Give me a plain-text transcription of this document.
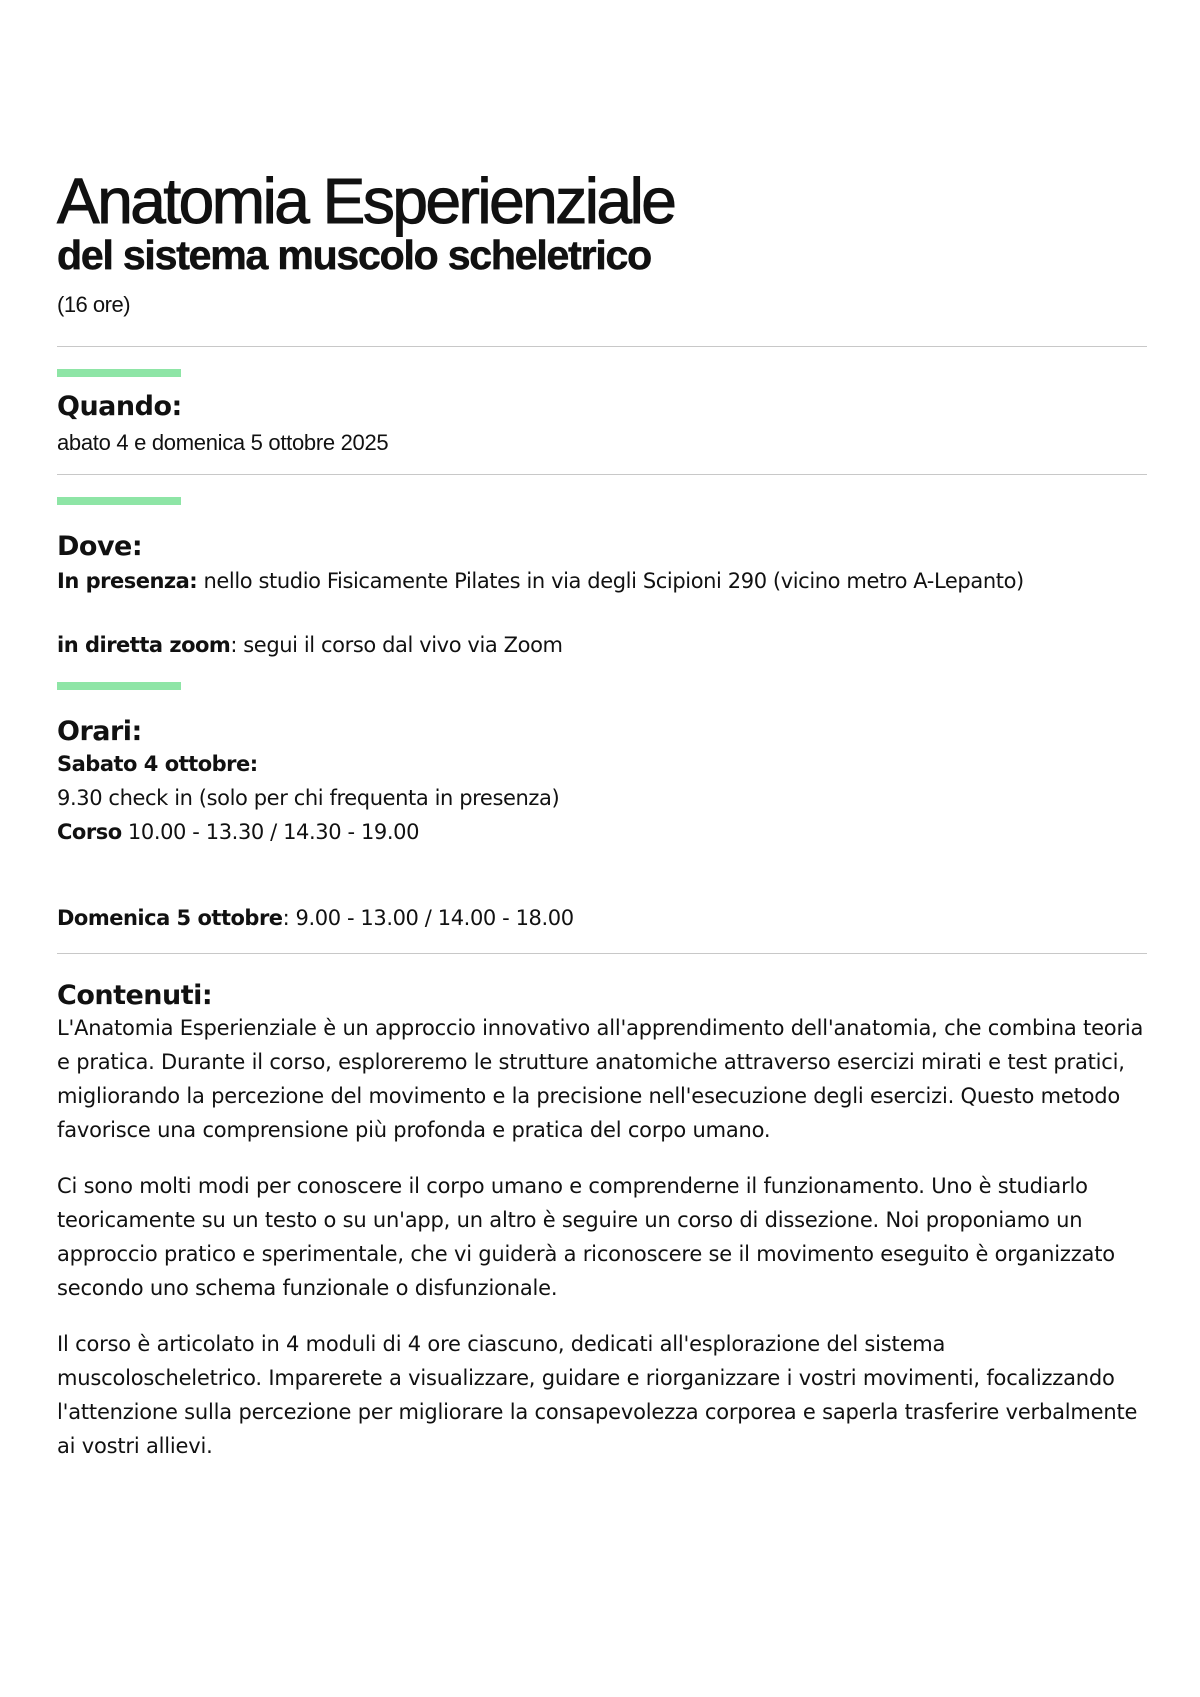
Anatomia Esperienziale
del sistema muscolo scheletrico
(16 ore)
Quando:
abato 4 e domenica 5 ottobre 2025
Dove:
In presenza: nello studio Fisicamente Pilates in via degli Scipioni 290 (vicino metro A-Lepanto)
in diretta zoom: segui il corso dal vivo via Zoom
Orari:
Sabato 4 ottobre:
9.30 check in (solo per chi frequenta in presenza)
Corso 10.00 - 13.30 / 14.30 - 19.00
Domenica 5 ottobre: 9.00 - 13.00 / 14.00 - 18.00
Contenuti:

L'Anatomia Esperienziale è un approccio innovativo all'apprendimento dell'anatomia, che combina teoria e pratica. Durante il corso, esploreremo le strutture anatomiche attraverso esercizi mirati e test pratici, migliorando la percezione del movimento e la precisione nell'esecuzione degli esercizi. Questo metodo favorisce una comprensione più profonda e pratica del corpo umano.

Ci sono molti modi per conoscere il corpo umano e comprenderne il funzionamento. Uno è studiarlo teoricamente su un testo o su un'app, un altro è seguire un corso di dissezione. Noi proponiamo un approccio pratico e sperimentale, che vi guiderà a riconoscere se il movimento eseguito è organizzato secondo uno schema funzionale o disfunzionale.

Il corso è articolato in 4 moduli di 4 ore ciascuno, dedicati all'esplorazione del sistema muscoloscheletrico. Imparerete a visualizzare, guidare e riorganizzare i vostri movimenti, focalizzando l'attenzione sulla percezione per migliorare la consapevolezza corporea e saperla trasferire verbalmente ai vostri allievi.
